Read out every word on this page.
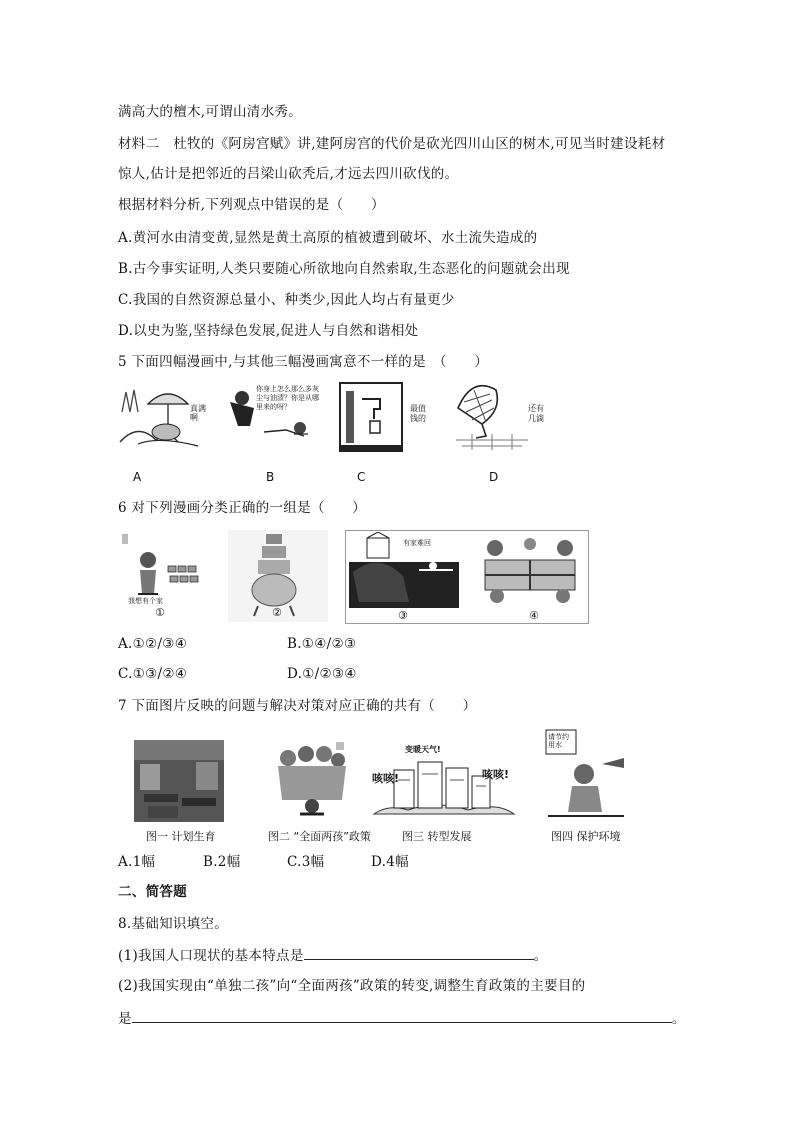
满高大的檀木,可谓山清水秀。
材料二　杜牧的《阿房宫赋》讲,建阿房宫的代价是砍光四川山区的树木,可见当时建设耗材
惊人,估计是把邻近的吕梁山砍秃后,才远去四川砍伐的。
根据材料分析,下列观点中错误的是（　　）
A.黄河水由清变黄,显然是黄土高原的植被遭到破坏、水土流失造成的
B.古今事实证明,人类只要随心所欲地向自然索取,生态恶化的问题就会出现
C.我国的自然资源总量小、种类少,因此人均占有量更少
D.以史为鉴,坚持绿色发展,促进人与自然和谐相处
5 下面四幅漫画中,与其他三幅漫画寓意不一样的是　（　　）
真满啊
你身上怎么那么多灰尘与油渍？你是从哪里来的呀？	最值钱的
还有几滴
A	B	C	D
6 对下列漫画分类正确的一组是（　　）
我想有个家
①	②
有家难回
③	④
A.①②/③④	B.①④/②③
C.①③/②④	D.①/②③④
7 下面图片反映的问题与解决对策对应正确的共有（　　）
变暖天气!
咳咳!	咳咳!
请节约用水
图一 计划生育	图二 “全面两孩”政策	图三 转型发展	图四 保护环境
A.1幅	B.2幅	C.3幅	D.4幅
二、简答题
8.基础知识填空。
(1)我国人口现状的基本特点是	。
(2)我国实现由“单独二孩”向“全面两孩”政策的转变,调整生育政策的主要目的
是	。
